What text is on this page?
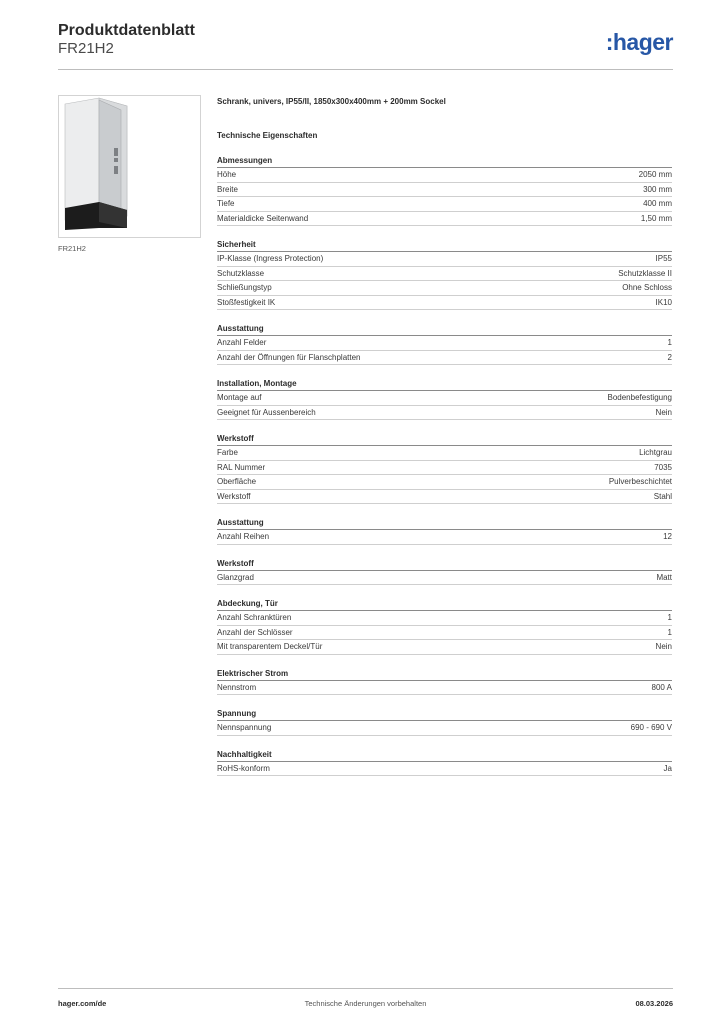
Produktdatenblatt
FR21H2	:hager
FR21H2
Schrank, univers, IP55/II, 1850x300x400mm + 200mm Sockel
Technische Eigenschaften
Abmessungen
Höhe	2050 mm
Breite	300 mm
Tiefe	400 mm
Materialdicke Seitenwand	1,50 mm
Sicherheit
IP-Klasse (Ingress Protection)	IP55
Schutzklasse	Schutzklasse II
Schließungstyp	Ohne Schloss
Stoßfestigkeit IK	IK10
Ausstattung
Anzahl Felder	1
Anzahl der Öffnungen für Flanschplatten	2
Installation, Montage
Montage auf	Bodenbefestigung
Geeignet für Aussenbereich	Nein
Werkstoff
Farbe	Lichtgrau
RAL Nummer	7035
Oberfläche	Pulverbeschichtet
Werkstoff	Stahl
Ausstattung
Anzahl Reihen	12
Werkstoff
Glanzgrad	Matt
Abdeckung, Tür
Anzahl Schranktüren	1
Anzahl der Schlösser	1
Mit transparentem Deckel/Tür	Nein
Elektrischer Strom
Nennstrom	800 A
Spannung
Nennspannung	690 - 690 V
Nachhaltigkeit
RoHS-konform	Ja
hager.com/de	Technische Änderungen vorbehalten	08.03.2026
